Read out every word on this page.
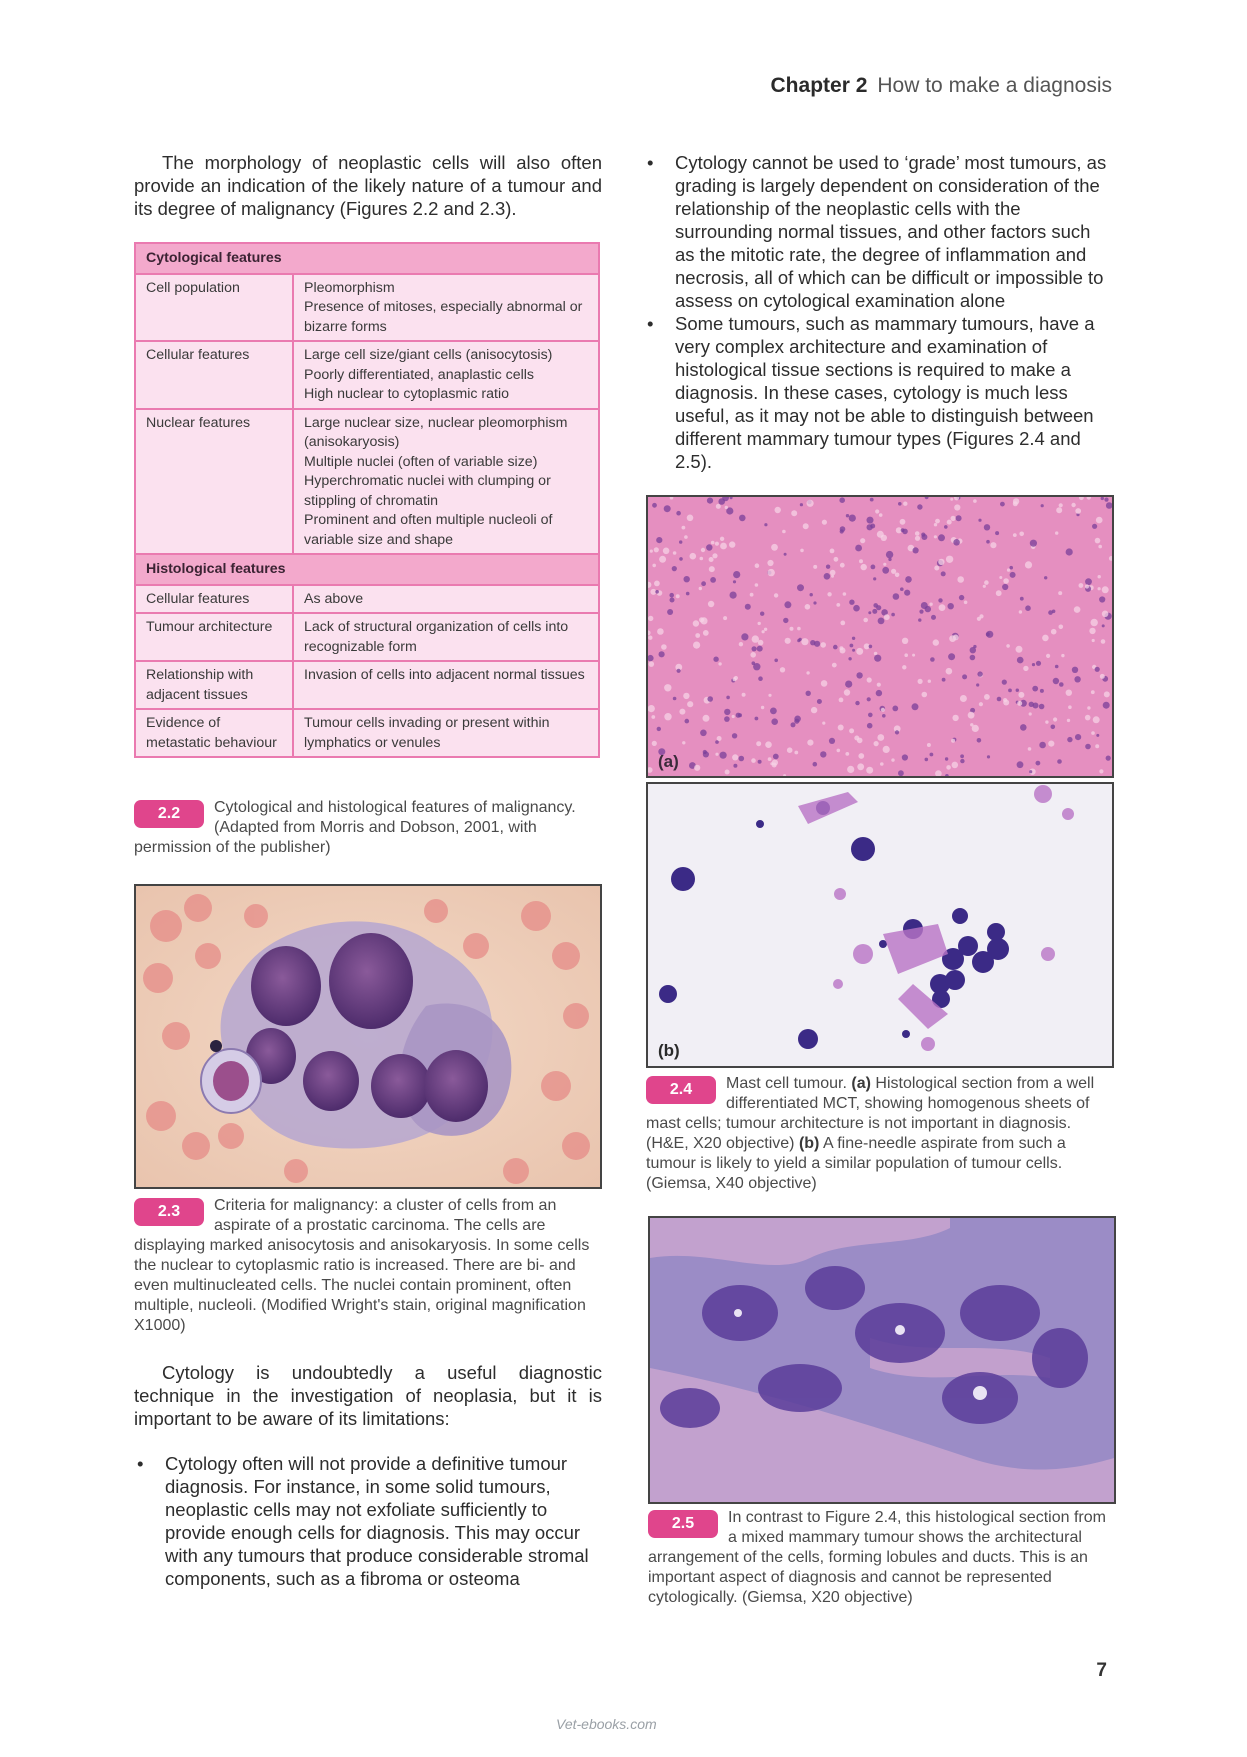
Chapter 2 How to make a diagnosis

The morphology of neoplastic cells will also often provide an indication of the likely nature of a tumour and its degree of malignancy (Figures 2.2 and 2.3).

Cytological features	
Cell population	Pleomorphism
Presence of mitoses, especially abnormal or bizarre forms

Cellular features	Large cell size/giant cells (anisocytosis)
Poorly differentiated, anaplastic cells
High nuclear to cytoplasmic ratio

Nuclear features	Large nuclear size, nuclear pleomorphism (anisokaryosis)
Multiple nuclei (often of variable size)
Hyperchromatic nuclei with clumping or stippling of chromatin
Prominent and often multiple nucleoli of variable size and shape

Histological features	
Cellular features	As above

Tumour architecture	Lack of structural organization of cells into recognizable form

Relationship with adjacent tissues	Invasion of cells into adjacent normal tissues

Evidence of metastatic behaviour	Tumour cells invading or present within lymphatics or venules
2.2	Cytological and histological features of malignancy. (Adapted from Morris and Dobson, 2001, with permission of the publisher)
2.3	Criteria for malignancy: a cluster of cells from an aspirate of a prostatic carcinoma. The cells are displaying marked anisocytosis and anisokaryosis. In some cells the nuclear to cytoplasmic ratio is increased. There are bi- and even multinucleated cells. The nuclei contain prominent, often multiple, nucleoli. (Modified Wright's stain, original magnification X1000)

Cytology is undoubtedly a useful diagnostic technique in the investigation of neoplasia, but it is important to be aware of its limitations:

• Cytology often will not provide a definitive tumour diagnosis. For instance, in some solid tumours, neoplastic cells may not exfoliate sufficiently to provide enough cells for diagnosis. This may occur with any tumours that produce considerable stromal components, such as a fibroma or osteoma
• Cytology cannot be used to ‘grade’ most tumours, as grading is largely dependent on consideration of the relationship of the neoplastic cells with the surrounding normal tissues, and other factors such as the mitotic rate, the degree of inflammation and necrosis, all of which can be difficult or impossible to assess on cytological examination alone
• Some tumours, such as mammary tumours, have a very complex architecture and examination of histological tissue sections is required to make a diagnosis. In these cases, cytology is much less useful, as it may not be able to distinguish between different mammary tumour types (Figures 2.4 and 2.5).
(a)
(b)
2.4	Mast cell tumour. (a) Histological section from a well differentiated MCT, showing homogenous sheets of mast cells; tumour architecture is not important in diagnosis. (H&E, X20 objective) (b) A fine-needle aspirate from such a tumour is likely to yield a similar population of tumour cells. (Giemsa, X40 objective)
2.5	In contrast to Figure 2.4, this histological section from a mixed mammary tumour shows the architectural arrangement of the cells, forming lobules and ducts. This is an important aspect of diagnosis and cannot be represented cytologically. (Giemsa, X20 objective)
7
Vet-ebooks.com
